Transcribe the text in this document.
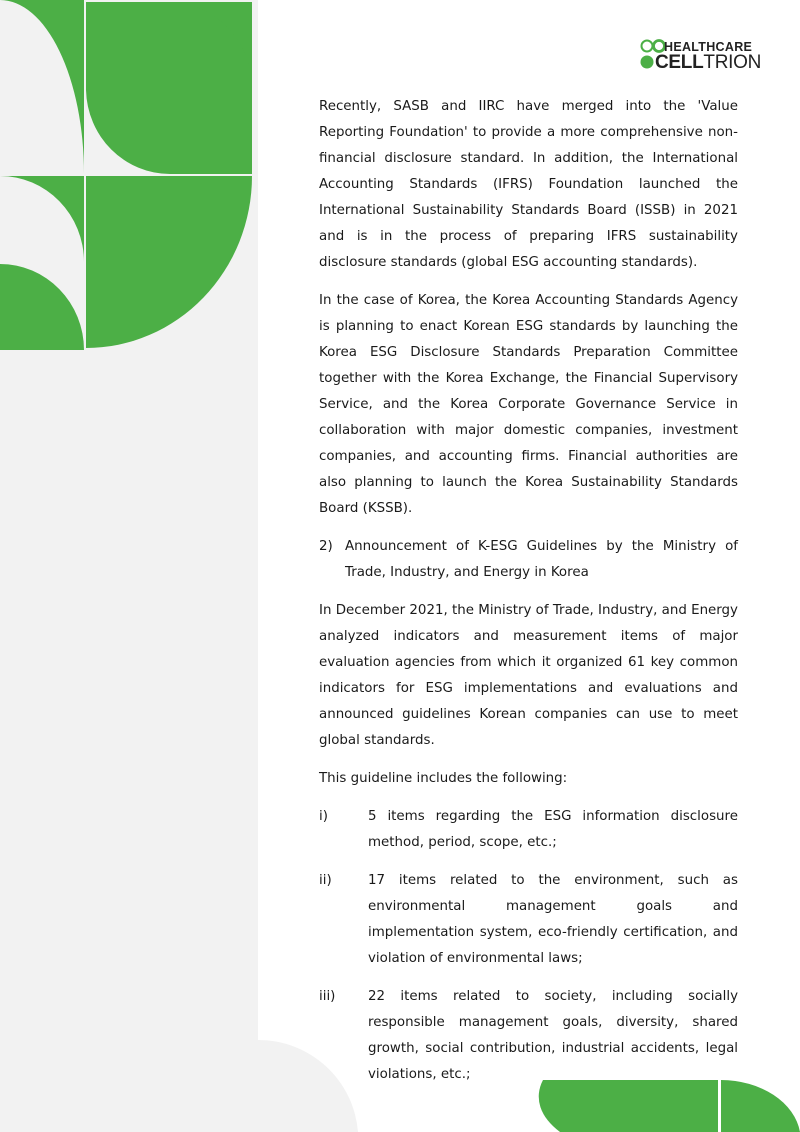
HEALTHCARE
CELLTRION

Recently, SASB and IIRC have merged into the 'Value Reporting Foundation' to provide a more comprehensive non-financial disclosure standard. In addition, the International Accounting Standards (IFRS) Foundation launched the International Sustainability Standards Board (ISSB) in 2021 and is in the process of preparing IFRS sustainability disclosure standards (global ESG accounting standards).

In the case of Korea, the Korea Accounting Standards Agency is planning to enact Korean ESG standards by launching the Korea ESG Disclosure Standards Preparation Committee together with the Korea Exchange, the Financial Supervisory Service, and the Korea Corporate Governance Service in collaboration with major domestic companies, investment companies, and accounting firms. Financial authorities are also planning to launch the Korea Sustainability Standards Board (KSSB).

2) Announcement of K-ESG Guidelines by the Ministry of Trade, Industry, and Energy in Korea

In December 2021, the Ministry of Trade, Industry, and Energy analyzed indicators and measurement items of major evaluation agencies from which it organized 61 key common indicators for ESG implementations and evaluations and announced guidelines Korean companies can use to meet global standards.

This guideline includes the following:

i)	5 items regarding the ESG information disclosure method, period, scope, etc.;
ii)	17 items related to the environment, such as environmental management goals and implementation system, eco-friendly certification, and violation of environmental laws;
iii)	22 items related to society, including socially responsible management goals, diversity, shared growth, social contribution, industrial accidents, legal violations, etc.;
